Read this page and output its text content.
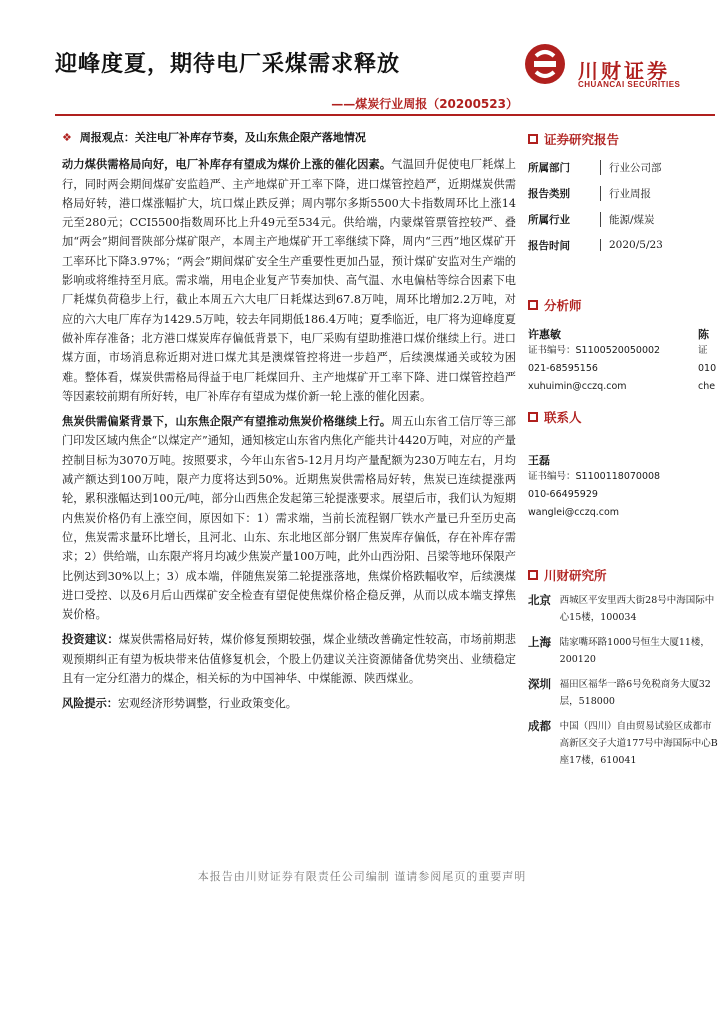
迎峰度夏，期待电厂采煤需求释放
——煤炭行业周报（20200523）
川财证券
CHUANCAI SECURITIES

❖ 周报观点：关注电厂补库存节奏，及山东焦企限产落地情况

动力煤供需格局向好，电厂补库存有望成为煤价上涨的催化因素。气温回升促使电厂耗煤上行，同时两会期间煤矿安监趋严、主产地煤矿开工率下降，进口煤管控趋严，近期煤炭供需格局好转，港口煤涨幅扩大，坑口煤止跌反弹；周内鄂尔多斯5500大卡指数周环比上涨14元至280元；CCI5500指数周环比上升49元至534元。供给端，内蒙煤管票管控较严、叠加“两会”期间晋陕部分煤矿限产，本周主产地煤矿开工率继续下降，周内“三西”地区煤矿开工率环比下降3.97%；“两会”期间煤矿安全生产重要性更加凸显，预计煤矿安监对生产端的影响或将维持至月底。需求端，用电企业复产节奏加快、高气温、水电偏枯等综合因素下电厂耗煤负荷稳步上行，截止本周五六大电厂日耗煤达到67.8万吨，周环比增加2.2万吨，对应的六大电厂库存为1429.5万吨，较去年同期低186.4万吨；夏季临近，电厂将为迎峰度夏做补库存准备；北方港口煤炭库存偏低背景下，电厂采购有望助推港口煤价继续上行。进口煤方面，市场消息称近期对进口煤尤其是澳煤管控将进一步趋严，后续澳煤通关或较为困难。整体看，煤炭供需格局得益于电厂耗煤回升、主产地煤矿开工率下降、进口煤管控趋严等因素较前期有所好转，电厂补库存有望成为煤价新一轮上涨的催化因素。

焦炭供需偏紧背景下，山东焦企限产有望推动焦炭价格继续上行。周五山东省工信厅等三部门印发区域内焦企“以煤定产”通知，通知核定山东省内焦化产能共计4420万吨，对应的产量控制目标为3070万吨。按照要求，今年山东省5-12月月均产量配额为230万吨左右，月均减产额达到100万吨，限产力度将达到50%。近期焦炭供需格局好转，焦炭已连续提涨两轮，累积涨幅达到100元/吨，部分山西焦企发起第三轮提涨要求。展望后市，我们认为短期内焦炭价格仍有上涨空间，原因如下：1）需求端，当前长流程钢厂铁水产量已升至历史高位，焦炭需求量环比增长，且河北、山东、东北地区部分钢厂焦炭库存偏低，存在补库存需求；2）供给端，山东限产将月均减少焦炭产量100万吨，此外山西汾阳、吕梁等地环保限产比例达到30%以上；3）成本端，伴随焦炭第二轮提涨落地，焦煤价格跌幅收窄，后续澳煤进口受控、以及6月后山西煤矿安全检查有望促使焦煤价格企稳反弹，从而以成本端支撑焦炭价格。

投资建议：煤炭供需格局好转，煤价修复预期较强，煤企业绩改善确定性较高，市场前期悲观预期纠正有望为板块带来估值修复机会，个股上仍建议关注资源储备优势突出、业绩稳定且有一定分红潜力的煤企，相关标的为中国神华、中煤能源、陕西煤业。

风险提示：宏观经济形势调整，行业政策变化。

本报告由川财证券有限责任公司编制 谨请参阅尾页的重要声明
证券研究报告
所属部门	行业公司部
报告类别	行业周报
所属行业	能源/煤炭
报告时间	2020/5/23
分析师
许惠敏
证书编号：S1100520050002
021-68595156
xuhuimin@cczq.com
陈
证
010
che
联系人
王磊
证书编号：S1100118070008
010-66495929
wanglei@cczq.com
川财研究所
北京 西城区平安里西大街28号中海国际中心15楼，100034
上海 陆家嘴环路1000号恒生大厦11楼，200120
深圳 福田区福华一路6号免税商务大厦32层，518000
成都 中国（四川）自由贸易试验区成都市高新区交子大道177号中海国际中心B座17楼，610041
